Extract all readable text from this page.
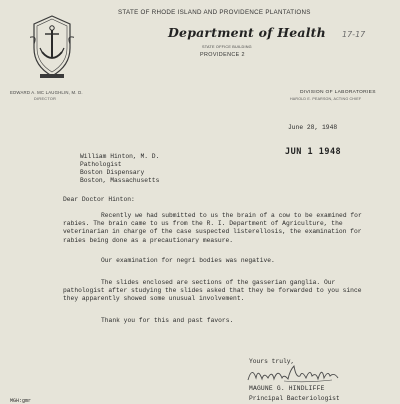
STATE OF RHODE ISLAND AND PROVIDENCE PLANTATIONS
Department of Health
STATE OFFICE BUILDING
PROVIDENCE 2
EDWARD A. MC LAUGHLIN, M. D.
DIRECTOR
DIVISION OF LABORATORIES
HAROLD E. PEARSON, ACTING CHIEF
17-17
JUN 1 1948
June 28, 1948
William Hinton, M. D.
Pathologist
Boston Dispensary
Boston, Massachusetts
Dear Doctor Hinton:
Recently we had submitted to us the brain of a cow to be examined for rabies. The brain came to us from the R. I. Department of Agriculture, the veterinarian in charge of the case suspected listerellosis, the examination for rabies being done as a precautionary measure.
Our examination for negri bodies was negative.
The slides enclosed are sections of the gasserian ganglia. Our pathologist after studying the slides asked that they be forwarded to you since they apparently showed some unusual involvement.
Thank you for this and past favors.
Yours truly,
MAGUNE G. HINDLIFFE
Principal Bacteriologist
MGH:gmr
